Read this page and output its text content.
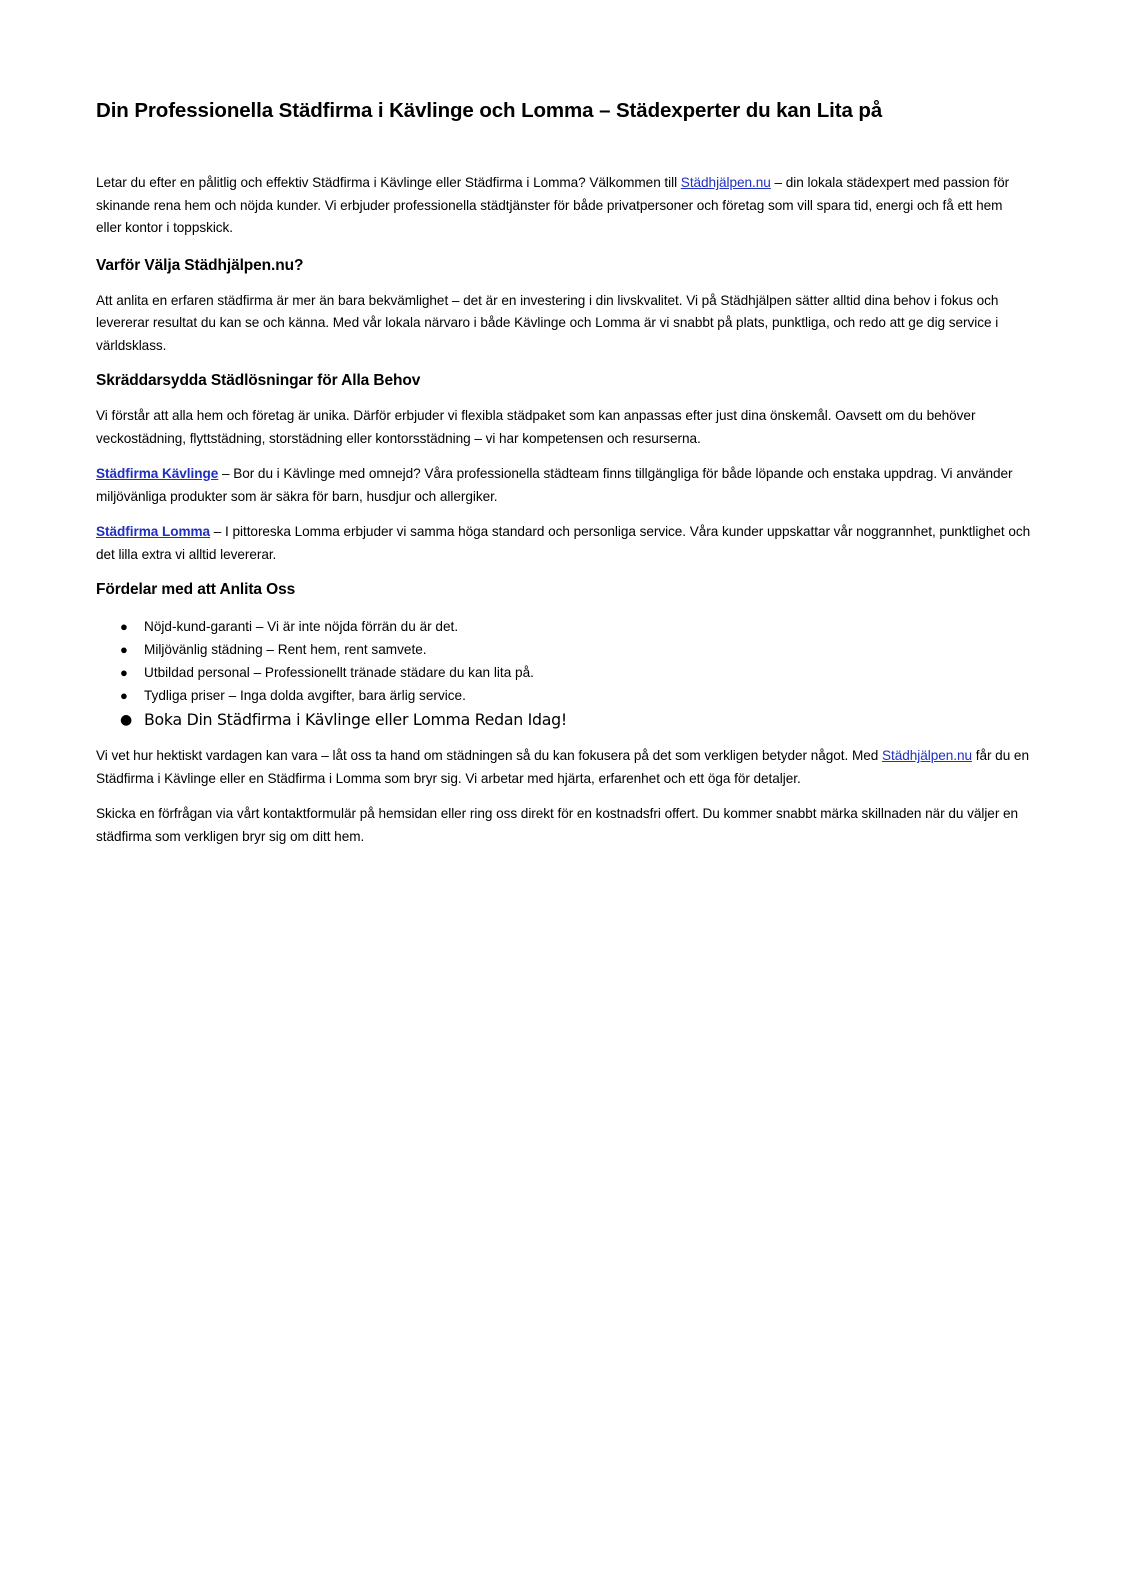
Din Professionella Städfirma i Kävlinge och Lomma – Städexperter du kan Lita på

Letar du efter en pålitlig och effektiv Städfirma i Kävlinge eller Städfirma i Lomma? Välkommen till Städhjälpen.nu – din lokala städexpert med passion för skinande rena hem och nöjda kunder. Vi erbjuder professionella städtjänster för både privatpersoner och företag som vill spara tid, energi och få ett hem eller kontor i toppskick.

Varför Välja Städhjälpen.nu?

Att anlita en erfaren städfirma är mer än bara bekvämlighet – det är en investering i din livskvalitet. Vi på Städhjälpen sätter alltid dina behov i fokus och levererar resultat du kan se och känna. Med vår lokala närvaro i både Kävlinge och Lomma är vi snabbt på plats, punktliga, och redo att ge dig service i världsklass.

Skräddarsydda Städlösningar för Alla Behov

Vi förstår att alla hem och företag är unika. Därför erbjuder vi flexibla städpaket som kan anpassas efter just dina önskemål. Oavsett om du behöver veckostädning, flyttstädning, storstädning eller kontorsstädning – vi har kompetensen och resurserna.

Städfirma Kävlinge – Bor du i Kävlinge med omnejd? Våra professionella städteam finns tillgängliga för både löpande och enstaka uppdrag. Vi använder miljövänliga produkter som är säkra för barn, husdjur och allergiker.

Städfirma Lomma – I pittoreska Lomma erbjuder vi samma höga standard och personliga service. Våra kunder uppskattar vår noggrannhet, punktlighet och det lilla extra vi alltid levererar.

Fördelar med att Anlita Oss
●	Nöjd-kund-garanti – Vi är inte nöjda förrän du är det.
●	Miljövänlig städning – Rent hem, rent samvete.
●	Utbildad personal – Professionellt tränade städare du kan lita på.
●	Tydliga priser – Inga dolda avgifter, bara ärlig service.
● Boka Din Städfirma i Kävlinge eller Lomma Redan Idag!

Vi vet hur hektiskt vardagen kan vara – låt oss ta hand om städningen så du kan fokusera på det som verkligen betyder något. Med Städhjälpen.nu får du en Städfirma i Kävlinge eller en Städfirma i Lomma som bryr sig. Vi arbetar med hjärta, erfarenhet och ett öga för detaljer.

Skicka en förfrågan via vårt kontaktformulär på hemsidan eller ring oss direkt för en kostnadsfri offert. Du kommer snabbt märka skillnaden när du väljer en städfirma som verkligen bryr sig om ditt hem.
